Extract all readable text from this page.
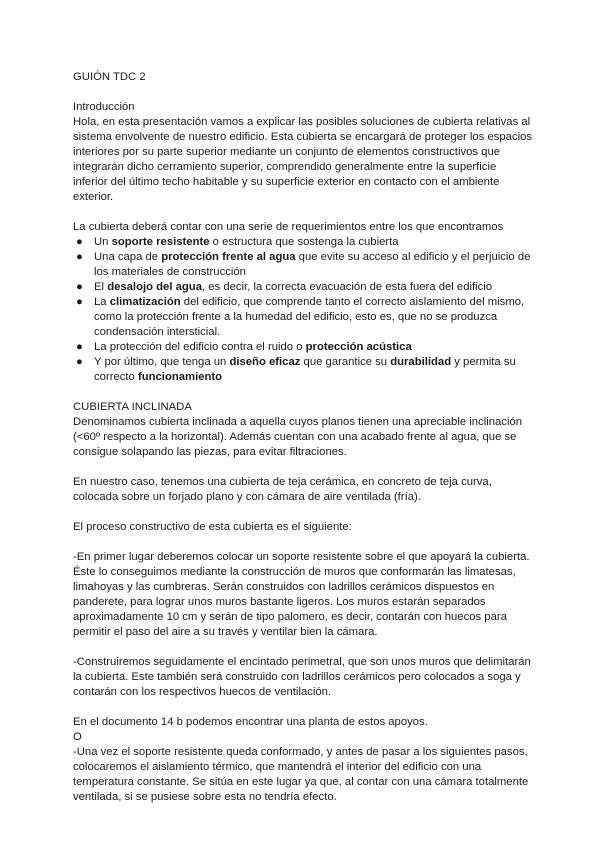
GUIÓN TDC 2

Introducción

Hola, en esta presentación vamos a explicar las posibles soluciones de cubierta relativas al sistema envolvente de nuestro edificio. Esta cubierta se encargará de proteger los espacios interiores por su parte superior mediante un conjunto de elementos constructivos que integrarán dicho cerramiento superior, comprendido generalmente entre la superficie inferior del último techo habitable y su superficie exterior en contacto con el ambiente exterior.

La cubierta deberá contar con una serie de requerimientos entre los que encontramos

● Un soporte resistente o estructura que sostenga la cubierta
● Una capa de protección frente al agua que evite su acceso al edificio y el perjuicio de los materiales de construcción
● El desalojo del agua, es decir, la correcta evacuación de esta fuera del edificio
● La climatización del edificio, que comprende tanto el correcto aislamiento del mismo, como la protección frente a la humedad del edificio, esto es, que no se produzca condensación intersticial.
● La protección del edificio contra el ruido o protección acústica
● Y por último, que tenga un diseño eficaz que garantice su durabilidad y permita su correcto funcionamiento

CUBIERTA INCLINADA

Denominamos cubierta inclinada a aquella cuyos planos tienen una apreciable inclinación (<60º respecto a la horizontal). Además cuentan con una acabado frente al agua, que se consigue solapando las piezas, para evitar filtraciones.

En nuestro caso, tenemos una cubierta de teja cerámica, en concreto de teja curva, colocada sobre un forjado plano y con cámara de aire ventilada (fría).

El proceso constructivo de esta cubierta es el siguiente:

-En primer lugar deberemos colocar un soporte resistente sobre el que apoyará la cubierta. Éste lo conseguimos mediante la construcción de muros que conformarán las limatesas, limahoyas y las cumbreras. Serán construidos con ladrillos cerámicos dispuestos en panderete, para lograr unos muros bastante ligeros. Los muros estarán separados aproximadamente 10 cm y serán de tipo palomero, es decir, contarán con huecos para permitir el paso del aire a su través y ventilar bien la cámara.

-Construiremos seguidamente el encintado perimetral, que son unos muros que delimitarán la cubierta. Este también será construido con ladrillos cerámicos pero colocados a soga y contarán con los respectivos huecos de ventilación.

En el documento 14 b podemos encontrar una planta de estos apoyos.

O

-Una vez el soporte resistente queda conformado, y antes de pasar a los siguientes pasos, colocaremos el aislamiento térmico, que mantendrá el interior del edificio con una temperatura constante. Se sitúa en este lugar ya que, al contar con una cámara totalmente ventilada, si se pusiese sobre esta no tendría efecto.
